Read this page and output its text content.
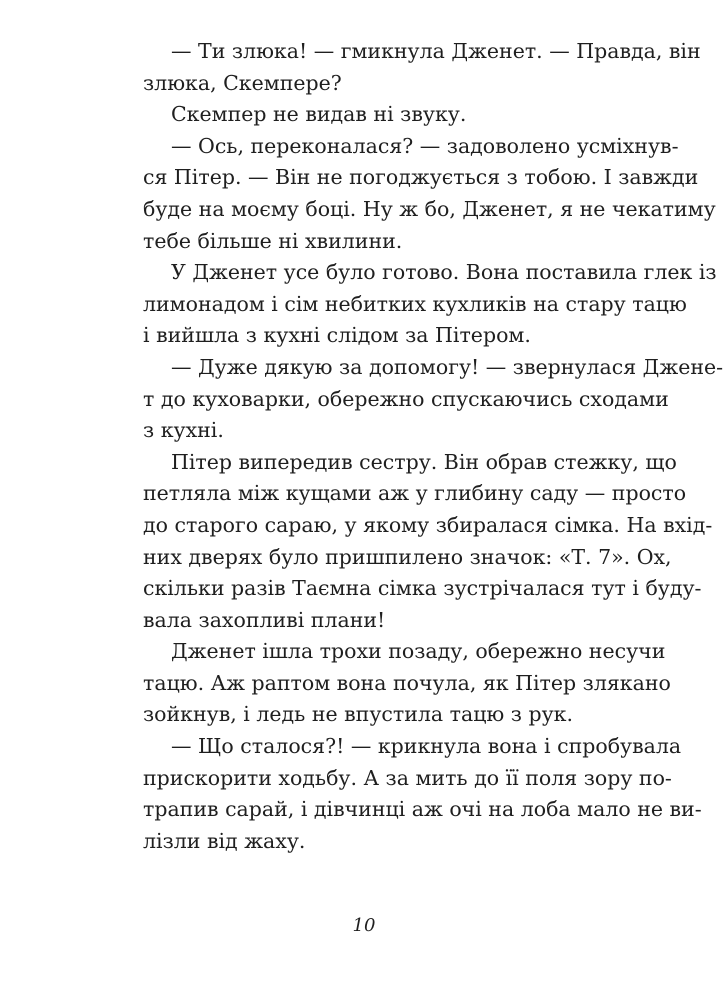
— Ти злюка! — гмикнула Дженет. — Правда, він
злюка, Скемпере?
Скемпер не видав ні звуку.
— Ось, переконалася? — задоволено усміхнув-
ся Пітер. — Він не погоджується з тобою. І завжди
буде на моєму боці. Ну ж бо, Дженет, я не чекатиму
тебе більше ні хвилини.
У Дженет усе було готово. Вона поставила глек із
лимонадом і сім небитких кухликів на стару тацю
і вийшла з кухні слідом за Пітером.
— Дуже дякую за допомогу! — звернулася Джене-
т до куховарки, обережно спускаючись сходами
з кухні.
Пітер випередив сестру. Він обрав стежку, що
петляла між кущами аж у глибину саду — просто
до старого сараю, у якому збиралася сімка. На вхід-
них дверях було пришпилено значок: «Т. 7». Ох,
скільки разів Таємна сімка зустрічалася тут і буду-
вала захопливі плани!
Дженет ішла трохи позаду, обережно несучи
тацю. Аж раптом вона почула, як Пітер злякано
зойкнув, і ледь не впустила тацю з рук.
— Що сталося?! — крикнула вона і спробувала
прискорити ходьбу. А за мить до її поля зору по-
трапив сарай, і дівчинці аж очі на лоба мало не ви-
лізли від жаху.
10
